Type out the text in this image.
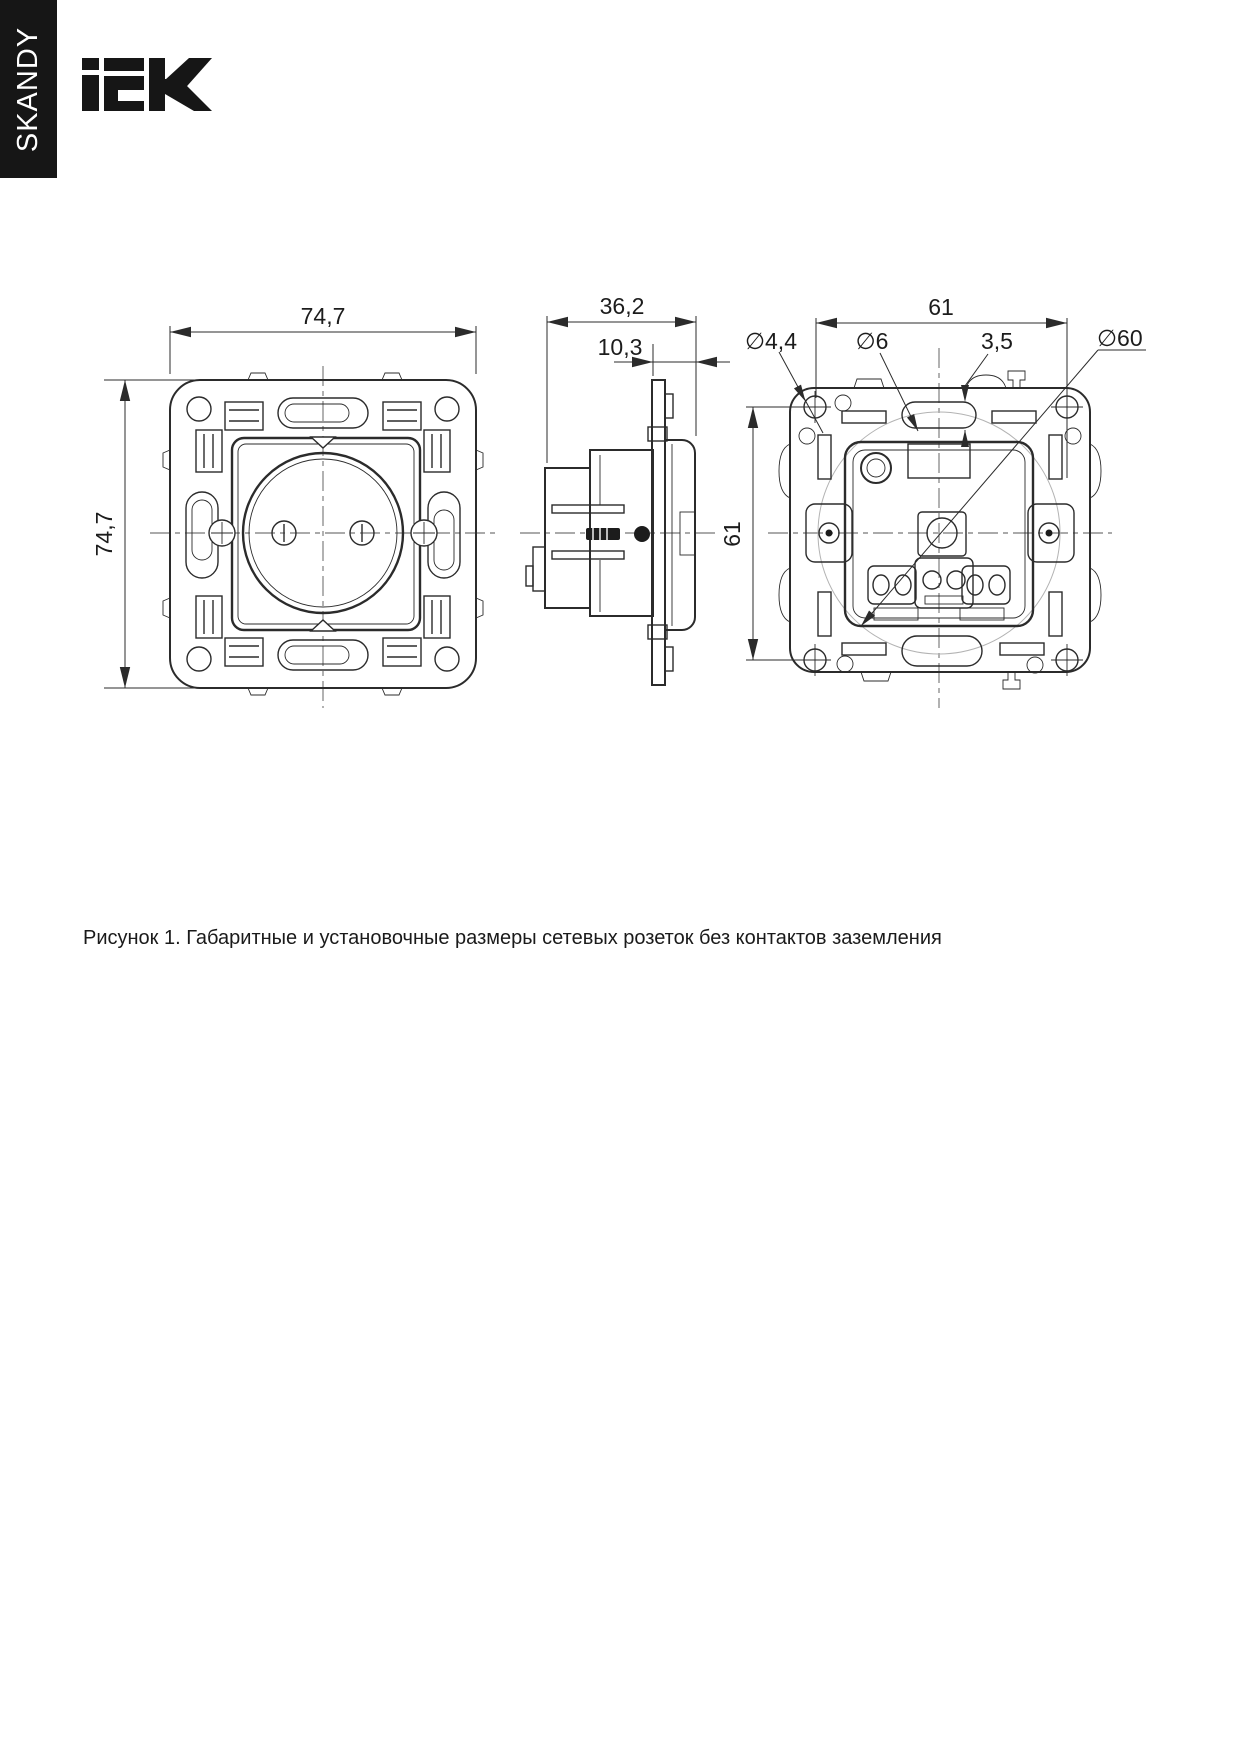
SKANDY
74,7
74,7
36,2
10,3
61
61
∅4,4	∅6	3,5	∅60

Рисунок 1. Габаритные и установочные размеры сетевых розеток без контактов заземления
